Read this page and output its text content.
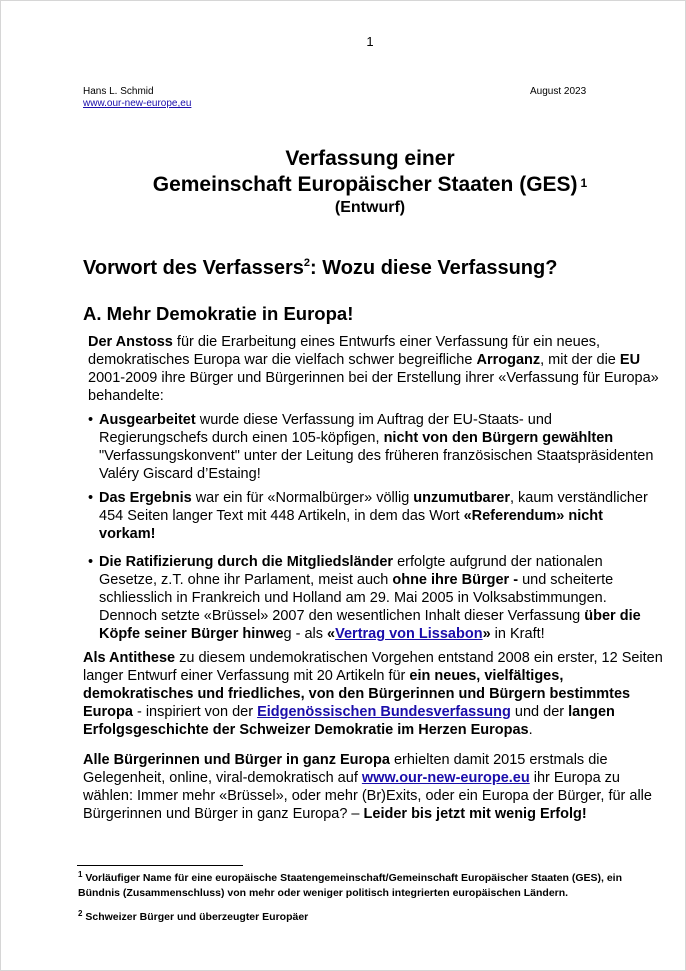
1
Hans L. Schmid
www.our-new-europe,eu
August 2023
Verfassung einer
Gemeinschaft Europäischer Staaten (GES) $^1$
(Entwurf)
Vorwort des Verfassers$^2$: Wozu diese Verfassung?
A. Mehr Demokratie in Europa!
Der Anstoss für die Erarbeitung eines Entwurfs einer Verfassung für ein neues, demokratisches Europa war die vielfach schwer begreifliche Arroganz, mit der die EU 2001-2009 ihre Bürger und Bürgerinnen bei der Erstellung ihrer «Verfassung für Europa» behandelte:
• Ausgearbeitet wurde diese Verfassung im Auftrag der EU-Staats- und Regierungschefs durch einen 105-köpfigen, nicht von den Bürgern gewählten "Verfassungskonvent" unter der Leitung des früheren französischen Staatspräsidenten Valéry Giscard d’Estaing!
• Das Ergebnis war ein für «Normalbürger» völlig unzumutbarer, kaum verständlicher 454 Seiten langer Text mit 448 Artikeln, in dem das Wort «Referendum» nicht vorkam!
• Die Ratifizierung durch die Mitgliedsländer erfolgte aufgrund der nationalen Gesetze, z.T. ohne ihr Parlament, meist auch ohne ihre Bürger - und scheiterte schliesslich in Frankreich und Holland am 29. Mai 2005 in Volksabstimmungen. Dennoch setzte «Brüssel» 2007 den wesentlichen Inhalt dieser Verfassung über die Köpfe seiner Bürger hinweg - als «Vertrag von Lissabon» in Kraft!
Als Antithese zu diesem undemokratischen Vorgehen entstand 2008 ein erster, 12 Seiten langer Entwurf einer Verfassung mit 20 Artikeln für ein neues, vielfältiges, demokratisches und friedliches, von den Bürgerinnen und Bürgern bestimmtes Europa - inspiriert von der Eidgenössischen Bundesverfassung und der langen Erfolgsgeschichte der Schweizer Demokratie im Herzen Europas.
Alle Bürgerinnen und Bürger in ganz Europa erhielten damit 2015 erstmals die Gelegenheit, online, viral-demokratisch auf www.our-new-europe.eu ihr Europa zu wählen: Immer mehr «Brüssel», oder mehr (Br)Exits, oder ein Europa der Bürger, für alle Bürgerinnen und Bürger in ganz Europa? – Leider bis jetzt mit wenig Erfolg!
$^1$ Vorläufiger Name für eine europäische Staatengemeinschaft/Gemeinschaft Europäischer Staaten (GES), ein Bündnis (Zusammenschluss) von mehr oder weniger politisch integrierten europäischen Ländern.
$^2$ Schweizer Bürger und überzeugter Europäer
